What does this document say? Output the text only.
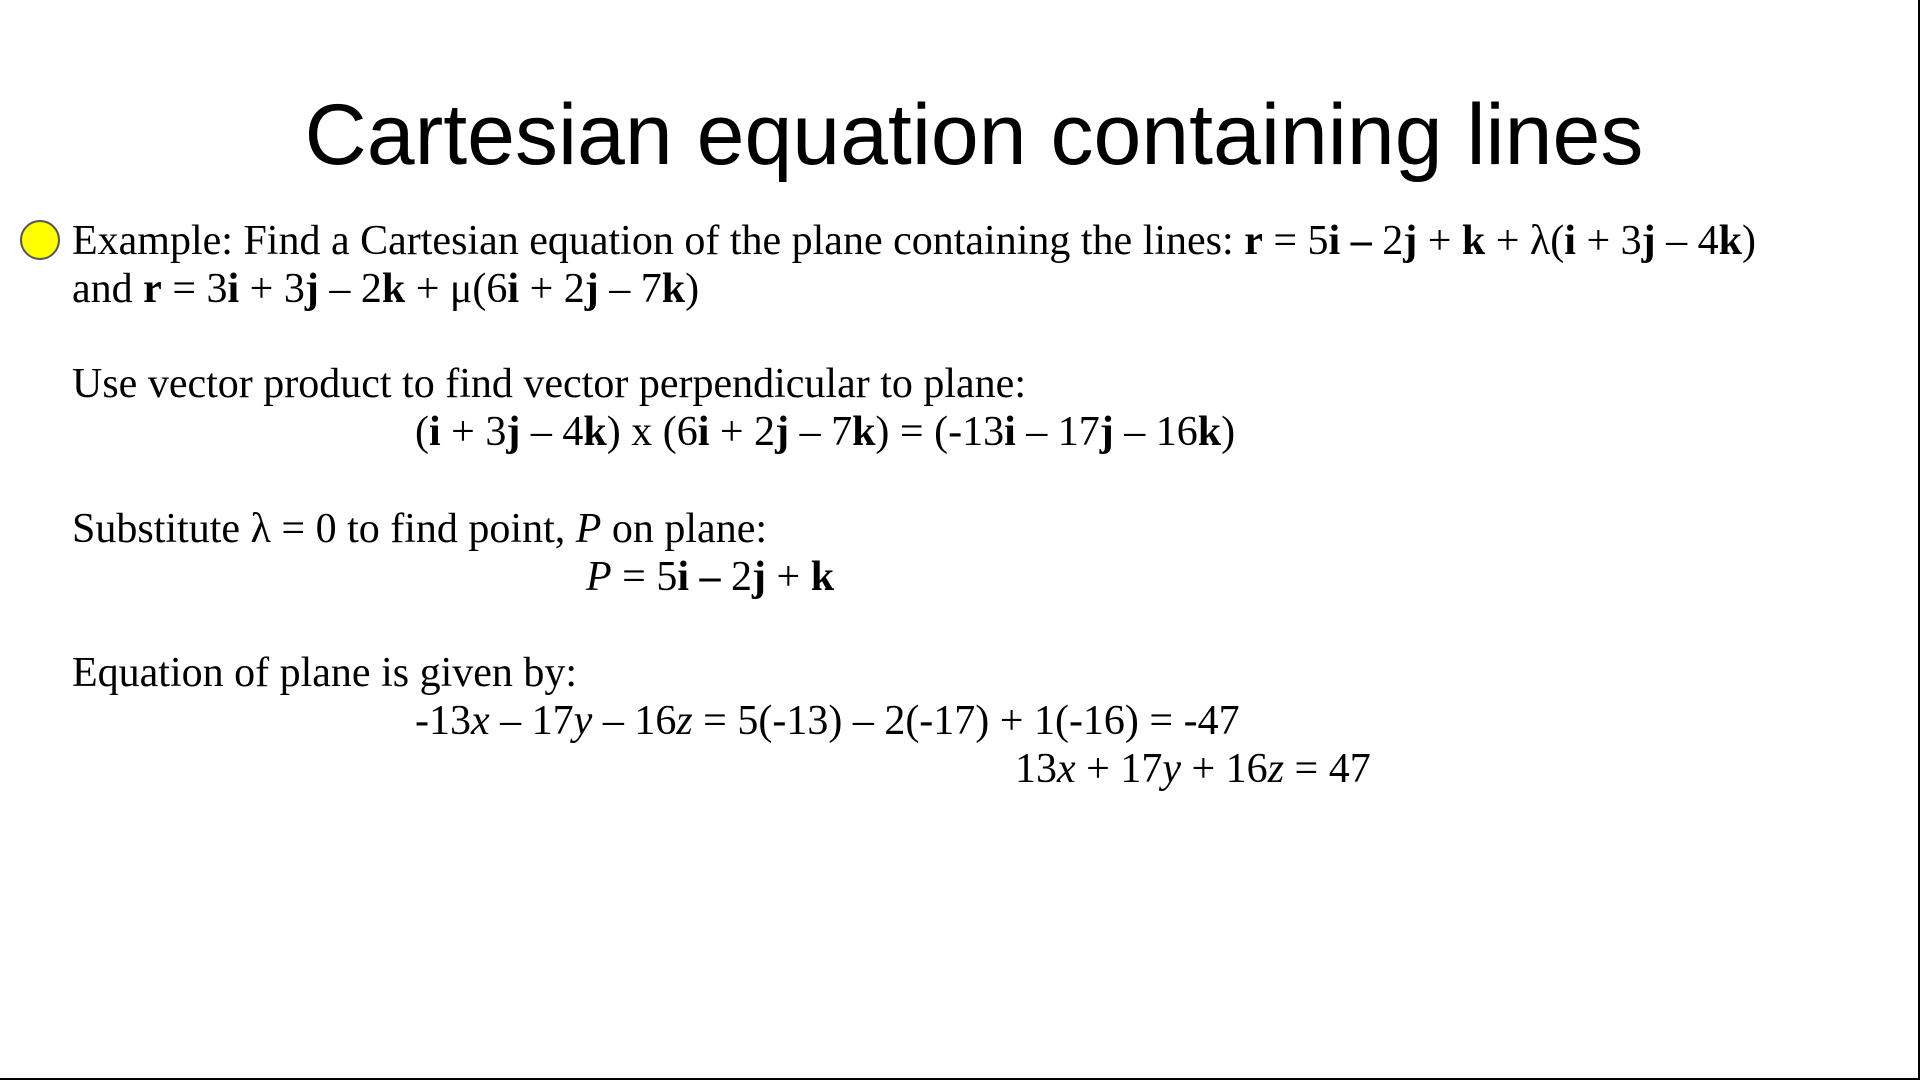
Cartesian equation containing lines
Example: Find a Cartesian equation of the plane containing the lines: r = 5i – 2j + k + λ(i + 3j – 4k)
and r = 3i + 3j – 2k + μ(6i + 2j – 7k)
Use vector product to find vector perpendicular to plane:
(i + 3j – 4k) x (6i + 2j – 7k) = (-13i – 17j – 16k)
Substitute λ = 0 to find point, P on plane:
P = 5i – 2j + k
Equation of plane is given by:
-13x – 17y – 16z = 5(-13) – 2(-17) + 1(-16) = -47
13x + 17y + 16z = 47
